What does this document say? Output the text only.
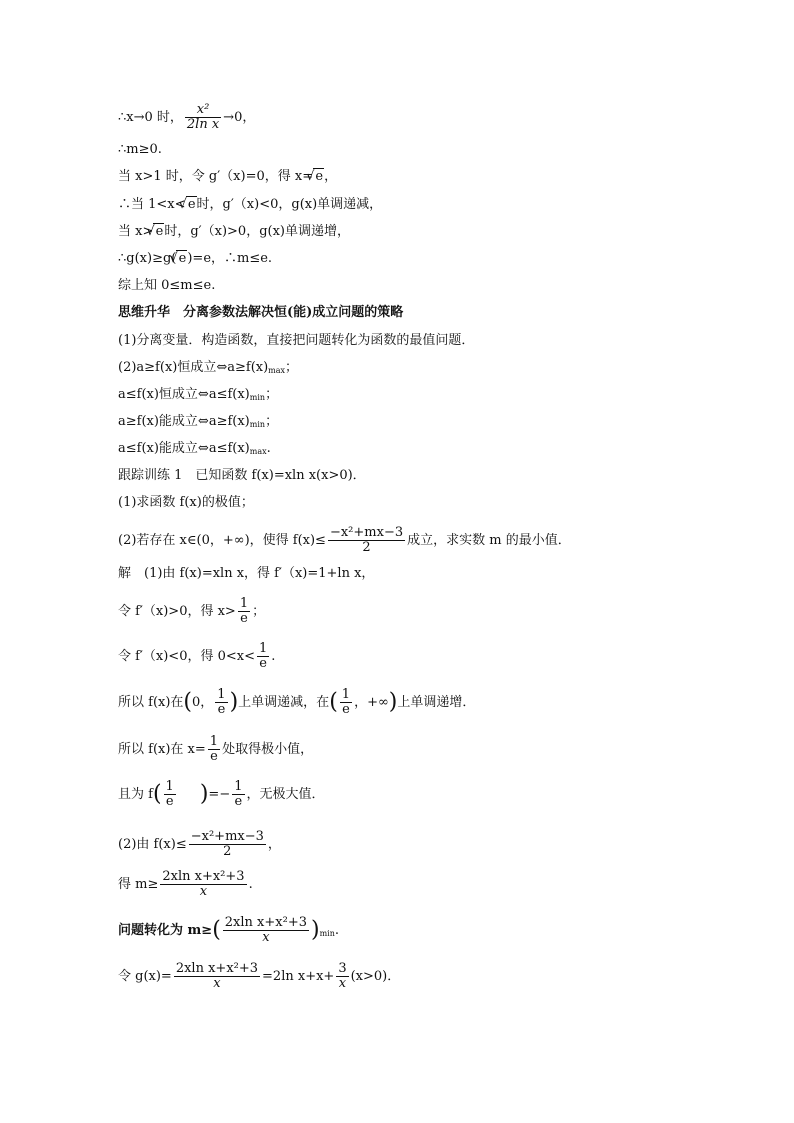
∴x→0 时， $\frac{\text{x²}}{\text{2ln x}} \to 0$，
∴m≥0.
当 x>1 时，令 g′（x)=0，得 x= √ e，
∴当 1<x< √ e时，g′（x)<0，g(x)单调递减，
当 x> √ e时，g′（x)>0，g(x)单调递增，
∴g(x)≥g( √ e)=e，∴m≤e.
综上知 0≤m≤e.
思维升华　分离参数法解决恒(能)成立问题的策略
(1)分离变量．构造函数，直接把问题转化为函数的最值问题．
(2)a≥f(x)恒成立$\Leftrightarrow a\ge f(x)_{max}$；
a≤f(x)恒成立$\Leftrightarrow a\le f(x)_{min}$；
a≥f(x)能成立$\Leftrightarrow a\ge f(x)_{min}$；
a≤f(x)能成立$\Leftrightarrow a\le f(x)_{max}$.
跟踪训练 1　已知函数 f(x)=xln x(x>0)．
(1)求函数 f(x)的极值；
(2)若存在 x∈(0，+∞)，使得 $f(x)\le \frac{\text{−x²+mx−3}}{2}$ 成立，求实数 m 的最小值．
解　(1)由 f(x)=xln x，得 f′（x)=1+ln x，
令 f′（x)>0，得 $x> \frac{1}{e}$ ；
令 f′（x)<0，得 $0<x< \frac{1}{e}$ .
所以 f(x)在(0， $\frac{1}{e}$ )上单调递减，在( $\frac{1}{e}$ ，+∞)上单调递增．
所以 f(x)在 $x= \frac{1}{e}$ 处取得极小值，
且为 $f( \frac{1}{e}$ )=− $\frac{1}{e}$ ，无极大值．
(2)由 $f(x)\le \frac{\text{−x²+mx−3}}{2}$ ，
得 $m\ge \frac{\text{2xln x+x²+3}}{x}$ .
问题转化为 $m\ge( \frac{\text{2xln x+x²+3}}{x} )_{min}$.
令 $g(x)= \frac{\text{2xln x+x²+3}}{x} =2\ln$ $x+x+ \frac{3}{x} (x>0)$．
